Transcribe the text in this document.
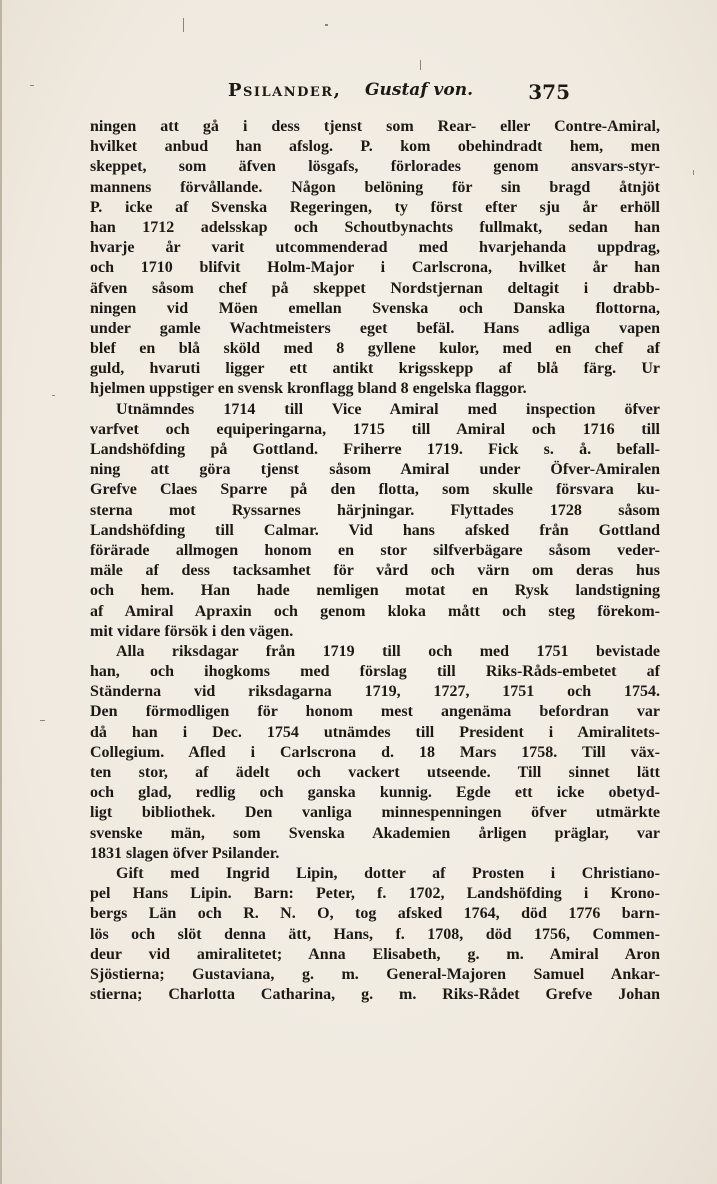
Psilander, Gustaf von.	375
ningen att gå i dess tjenst som Rear- eller Contre-Amiral,
hvilket anbud han afslog. P. kom obehindradt hem, men
skeppet, som äfven lösgafs, förlorades genom ansvars-styr-
mannens förvållande. Någon belöning för sin bragd åtnjöt
P. icke af Svenska Regeringen, ty först efter sju år erhöll
han 1712 adelsskap och Schoutbynachts fullmakt, sedan han
hvarje år varit utcommenderad med hvarjehanda uppdrag,
och 1710 blifvit Holm-Major i Carlscrona, hvilket år han
äfven såsom chef på skeppet Nordstjernan deltagit i drabb-
ningen vid Möen emellan Svenska och Danska flottorna,
under gamle Wachtmeisters eget befäl. Hans adliga vapen
blef en blå sköld med 8 gyllene kulor, med en chef af
guld, hvaruti ligger ett antikt krigsskepp af blå färg. Ur
hjelmen uppstiger en svensk kronflagg bland 8 engelska flaggor.
Utnämndes 1714 till Vice Amiral med inspection öfver
varfvet och equiperingarna, 1715 till Amiral och 1716 till
Landshöfding på Gottland. Friherre 1719. Fick s. å. befall-
ning att göra tjenst såsom Amiral under Öfver-Amiralen
Grefve Claes Sparre på den flotta, som skulle försvara ku-
sterna mot Ryssarnes härjningar. Flyttades 1728 såsom
Landshöfding till Calmar. Vid hans afsked från Gottland
förärade allmogen honom en stor silfverbägare såsom veder-
mäle af dess tacksamhet för vård och värn om deras hus
och hem. Han hade nemligen motat en Rysk landstigning
af Amiral Apraxin och genom kloka mått och steg förekom-
mit vidare försök i den vägen.
Alla riksdagar från 1719 till och med 1751 bevistade
han, och ihogkoms med förslag till Riks-Råds-embetet af
Ständerna vid riksdagarna 1719, 1727, 1751 och 1754.
Den förmodligen för honom mest angenäma befordran var
då han i Dec. 1754 utnämdes till President i Amiralitets-
Collegium. Afled i Carlscrona d. 18 Mars 1758. Till väx-
ten stor, af ädelt och vackert utseende. Till sinnet lätt
och glad, redlig och ganska kunnig. Egde ett icke obetyd-
ligt bibliothek. Den vanliga minnespenningen öfver utmärkte
svenske män, som Svenska Akademien årligen präglar, var
1831 slagen öfver Psilander.
Gift med Ingrid Lipin, dotter af Prosten i Christiano-
pel Hans Lipin. Barn: Peter, f. 1702, Landshöfding i Krono-
bergs Län och R. N. O, tog afsked 1764, död 1776 barn-
lös och slöt denna ätt, Hans, f. 1708, död 1756, Commen-
deur vid amiralitetet; Anna Elisabeth, g. m. Amiral Aron
Sjöstierna; Gustaviana, g. m. General-Majoren Samuel Ankar-
stierna; Charlotta Catharina, g. m. Riks-Rådet Grefve Johan
